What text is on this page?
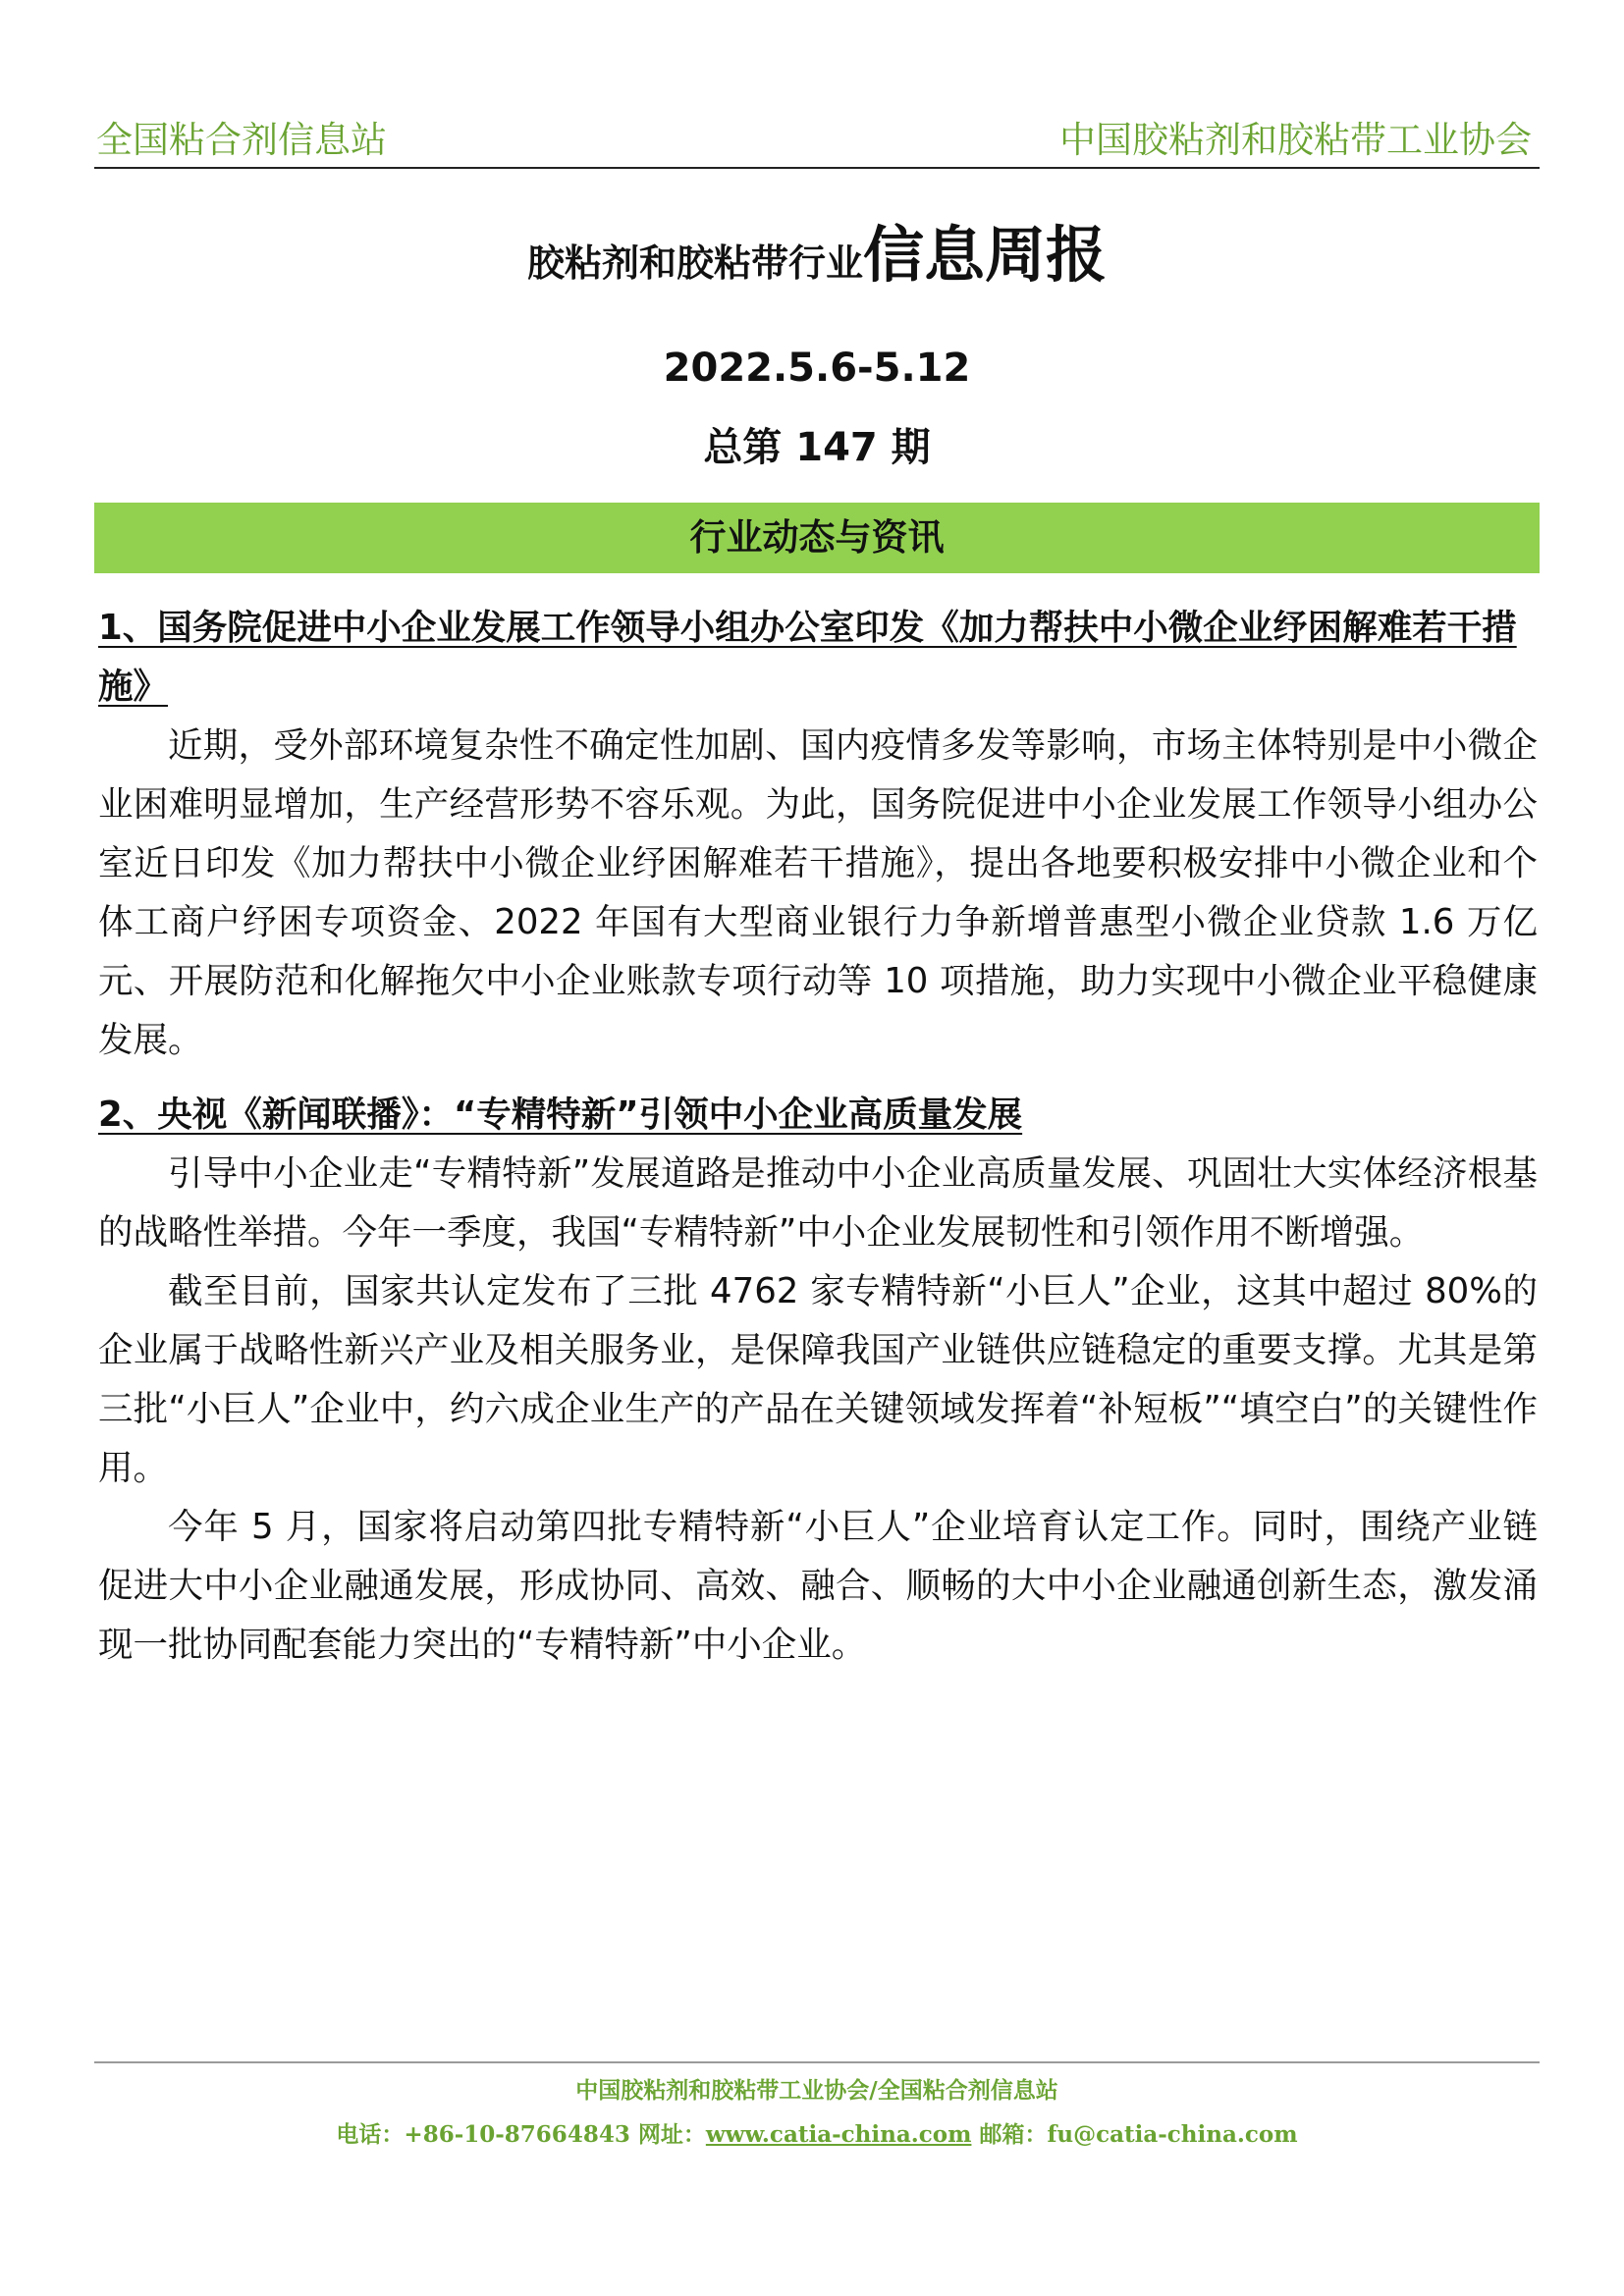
全国粘合剂信息站	中国胶粘剂和胶粘带工业协会
胶粘剂和胶粘带行业信息周报
2022.5.6-5.12
总第 147 期
行业动态与资讯

1、国务院促进中小企业发展工作领导小组办公室印发《加力帮扶中小微企业纾困解难若干措施》

近期，受外部环境复杂性不确定性加剧、国内疫情多发等影响，市场主体特别是中小微企业困难明显增加，生产经营形势不容乐观。为此，国务院促进中小企业发展工作领导小组办公室近日印发《加力帮扶中小微企业纾困解难若干措施》，提出各地要积极安排中小微企业和个体工商户纾困专项资金、2022 年国有大型商业银行力争新增普惠型小微企业贷款 1.6 万亿元、开展防范和化解拖欠中小企业账款专项行动等 10 项措施，助力实现中小微企业平稳健康发展。

2、央视《新闻联播》：“专精特新”引领中小企业高质量发展

引导中小企业走“专精特新”发展道路是推动中小企业高质量发展、巩固壮大实体经济根基的战略性举措。今年一季度，我国“专精特新”中小企业发展韧性和引领作用不断增强。

截至目前，国家共认定发布了三批 4762 家专精特新“小巨人”企业，这其中超过 80%的企业属于战略性新兴产业及相关服务业，是保障我国产业链供应链稳定的重要支撑。尤其是第三批“小巨人”企业中，约六成企业生产的产品在关键领域发挥着“补短板”“填空白”的关键性作用。

今年 5 月，国家将启动第四批专精特新“小巨人”企业培育认定工作。同时，围绕产业链促进大中小企业融通发展，形成协同、高效、融合、顺畅的大中小企业融通创新生态，激发涌现一批协同配套能力突出的“专精特新”中小企业。

中国胶粘剂和胶粘带工业协会/全国粘合剂信息站
电话：+86-10-87664843 网址：www.catia-china.com 邮箱：fu@catia-china.com
